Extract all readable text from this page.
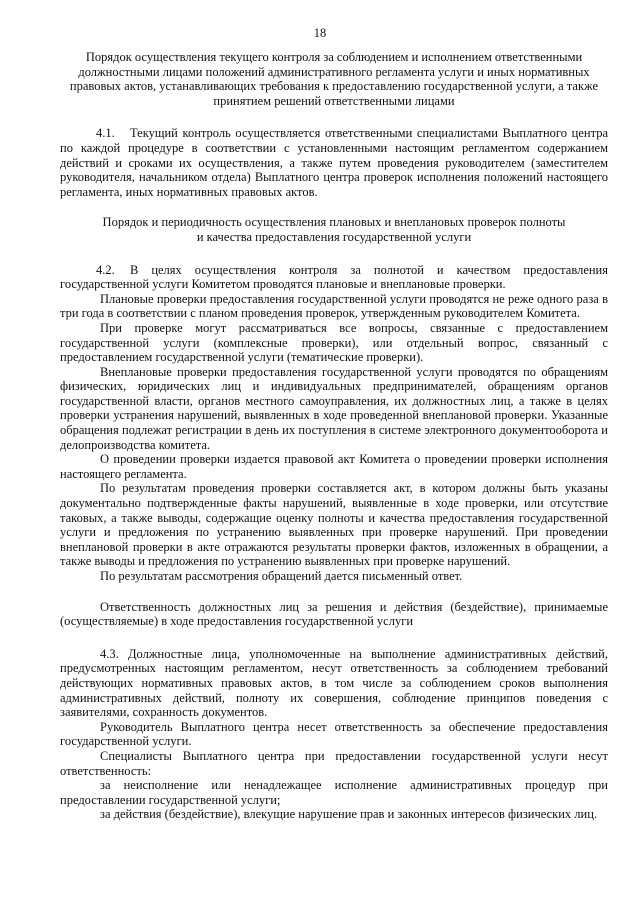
18
Порядок осуществления текущего контроля за соблюдением и исполнением ответственными должностными лицами положений административного регламента услуги и иных нормативных правовых актов, устанавливающих требования к предоставлению государственной услуги, а также принятием решений ответственными лицами

4.1. Текущий контроль осуществляется ответственными специалистами Выплатного центра по каждой процедуре в соответствии с установленными настоящим регламентом содержанием действий и сроками их осуществления, а также путем проведения руководителем (заместителем руководителя, начальником отдела) Выплатного центра проверок исполнения положений настоящего регламента, иных нормативных правовых актов.

Порядок и периодичность осуществления плановых и внеплановых проверок полноты и качества предоставления государственной услуги

4.2. В целях осуществления контроля за полнотой и качеством предоставления государственной услуги Комитетом проводятся плановые и внеплановые проверки.

Плановые проверки предоставления государственной услуги проводятся не реже одного раза в три года в соответствии с планом проведения проверок, утвержденным руководителем Комитета.

При проверке могут рассматриваться все вопросы, связанные с предоставлением государственной услуги (комплексные проверки), или отдельный вопрос, связанный с предоставлением государственной услуги (тематические проверки).

Внеплановые проверки предоставления государственной услуги проводятся по обращениям физических, юридических лиц и индивидуальных предпринимателей, обращениям органов государственной власти, органов местного самоуправления, их должностных лиц, а также в целях проверки устранения нарушений, выявленных в ходе проведенной внеплановой проверки. Указанные обращения подлежат регистрации в день их поступления в системе электронного документооборота и делопроизводства комитета.

О проведении проверки издается правовой акт Комитета о проведении проверки исполнения настоящего регламента.

По результатам проведения проверки составляется акт, в котором должны быть указаны документально подтвержденные факты нарушений, выявленные в ходе проверки, или отсутствие таковых, а также выводы, содержащие оценку полноты и качества предоставления государственной услуги и предложения по устранению выявленных при проверке нарушений. При проведении внеплановой проверки в акте отражаются результаты проверки фактов, изложенных в обращении, а также выводы и предложения по устранению выявленных при проверке нарушений.

По результатам рассмотрения обращений дается письменный ответ.

Ответственность должностных лиц за решения и действия (бездействие), принимаемые (осуществляемые) в ходе предоставления государственной услуги

4.3. Должностные лица, уполномоченные на выполнение административных действий, предусмотренных настоящим регламентом, несут ответственность за соблюдением требований действующих нормативных правовых актов, в том числе за соблюдением сроков выполнения административных действий, полноту их совершения, соблюдение принципов поведения с заявителями, сохранность документов.

Руководитель Выплатного центра несет ответственность за обеспечение предоставления государственной услуги.

Специалисты Выплатного центра при предоставлении государственной услуги несут ответственность:

за неисполнение или ненадлежащее исполнение административных процедур при предоставлении государственной услуги;

за действия (бездействие), влекущие нарушение прав и законных интересов физических лиц.
